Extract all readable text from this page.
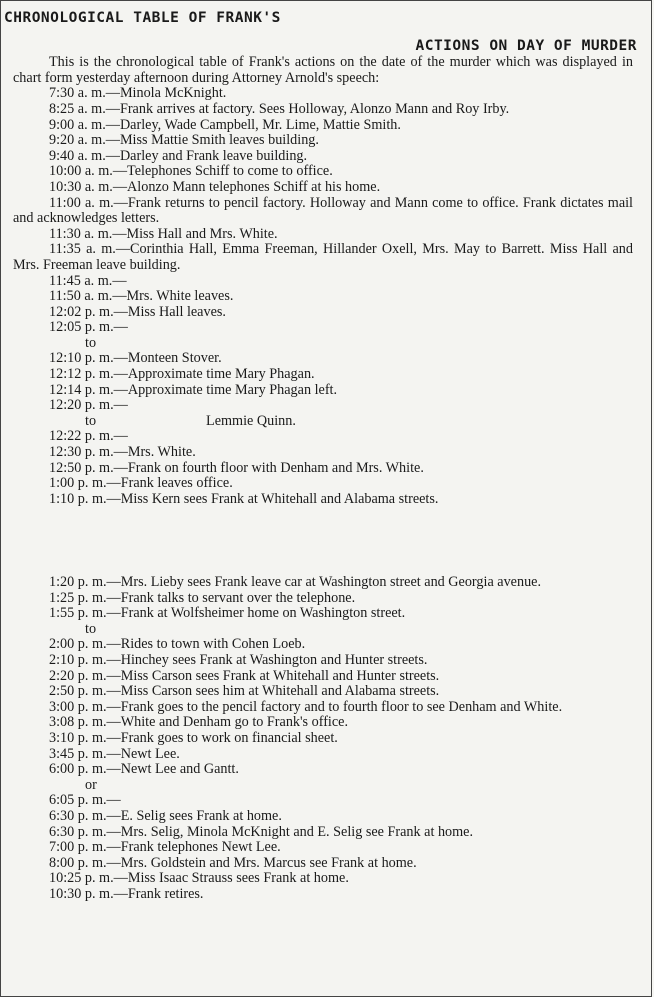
CHRONOLOGICAL TABLE OF FRANK'S
ACTIONS ON DAY OF MURDER

This is the chronological table of Frank's actions on the date of the murder which was displayed in chart form yesterday afternoon during Attorney Arnold's speech:

7:30 a. m.—Minola McKnight.

8:25 a. m.—Frank arrives at factory. Sees Holloway, Alonzo Mann and Roy Irby.

9:00 a. m.—Darley, Wade Campbell, Mr. Lime, Mattie Smith.

9:20 a. m.—Miss Mattie Smith leaves building.

9:40 a. m.—Darley and Frank leave building.

10:00 a. m.—Telephones Schiff to come to office.

10:30 a. m.—Alonzo Mann telephones Schiff at his home.

11:00 a. m.—Frank returns to pencil factory. Holloway and Mann come to office. Frank dictates mail and acknowledges letters.

11:30 a. m.—Miss Hall and Mrs. White.

11:35 a. m.—Corinthia Hall, Emma Freeman, Hillander Oxell, Mrs. May to Barrett. Miss Hall and Mrs. Freeman leave building.

11:45 a. m.—

11:50 a. m.—Mrs. White leaves.

12:02 p. m.—Miss Hall leaves.

12:05 p. m.—

to

12:10 p. m.—Monteen Stover.

12:12 p. m.—Approximate time Mary Phagan.

12:14 p. m.—Approximate time Mary Phagan left.

12:20 p. m.—

to	Lemmie Quinn.

12:22 p. m.—

12:30 p. m.—Mrs. White.

12:50 p. m.—Frank on fourth floor with Denham and Mrs. White.

1:00 p. m.—Frank leaves office.

1:10 p. m.—Miss Kern sees Frank at Whitehall and Alabama streets.

1:20 p. m.—Mrs. Lieby sees Frank leave car at Washington street and Georgia avenue.

1:25 p. m.—Frank talks to servant over the telephone.

1:55 p. m.—Frank at Wolfsheimer home on Washington street.

to

2:00 p. m.—Rides to town with Cohen Loeb.

2:10 p. m.—Hinchey sees Frank at Washington and Hunter streets.

2:20 p. m.—Miss Carson sees Frank at Whitehall and Hunter streets.

2:50 p. m.—Miss Carson sees him at Whitehall and Alabama streets.

3:00 p. m.—Frank goes to the pencil factory and to fourth floor to see Denham and White.

3:08 p. m.—White and Denham go to Frank's office.

3:10 p. m.—Frank goes to work on financial sheet.

3:45 p. m.—Newt Lee.

6:00 p. m.—Newt Lee and Gantt.

or

6:05 p. m.—

6:30 p. m.—E. Selig sees Frank at home.

6:30 p. m.—Mrs. Selig, Minola McKnight and E. Selig see Frank at home.

7:00 p. m.—Frank telephones Newt Lee.

8:00 p. m.—Mrs. Goldstein and Mrs. Marcus see Frank at home.

10:25 p. m.—Miss Isaac Strauss sees Frank at home.

10:30 p. m.—Frank retires.
